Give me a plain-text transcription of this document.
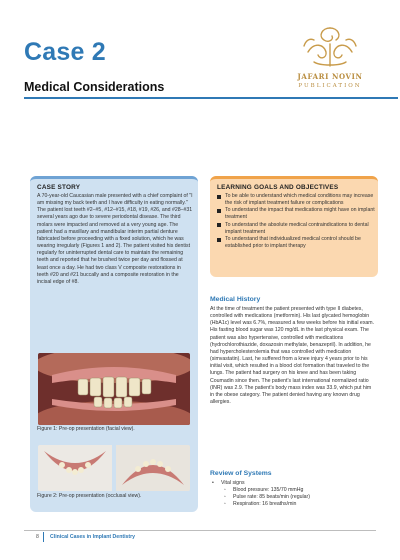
Case 2
Medical Considerations
JAFARI NOVIN
PUBLICATION
CASE STORY
A 70-year-old Caucasian male presented with a chief complaint of "I am missing my back teeth and I have difficulty in eating normally." The patient lost teeth #2–#5, #12–#15, #18, #19, #26, and #28–#31 several years ago due to severe periodontal disease. The third molars were impacted and removed at a very young age. The patient had a maxillary and mandibular interim partial denture fabricated before proceeding with a fixed solution, which he was wearing irregularly (Figures 1 and 2). The patient visited his dentist regularly for uninterrupted dental care to maintain the remaining teeth and reported that he brushed twice per day and flossed at least once a day. He had two class V composite restorations in teeth #20 and #21 buccally and a composite restoration in the incisal edge of #8.
Figure 1: Pre-op presentation (facial view).
Figure 2: Pre-op presentation (occlusal view).
LEARNING GOALS AND OBJECTIVES
To be able to understand which medical conditions may increase the risk of implant treatment failure or complications
To understand the impact that medications might have on implant treatment
To understand the absolute medical contraindications to dental implant treatment
To understand that individualized medical control should be established prior to implant therapy
Medical History
At the time of treatment the patient presented with type II diabetes, controlled with medications (metformin). His last glycated hemoglobin (HbA1c) level was 6.7%, measured a few weeks before his initial exam. His fasting blood sugar was 120 mg/dL in the last physical exam. The patient was also hypertensive, controlled with medications (hydrochlorothiazide, doxazosin methylate, benazepril). In addition, he had hypercholesterolemia that was controlled with medication (simvastatin). Last, he suffered from a knee injury 4 years prior to his initial visit, which resulted in a blood clot formation that traveled to the lungs. The patient had surgery on his knee and has been taking Coumadin since then. The patient's last international normalized ratio (INR) was 2.9. The patient's body mass index was 33.9, which put him in the obese category. The patient denied having any known drug allergies.
Review of Systems
• Vital signs
◦ Blood pressure: 135/70 mmHg
◦ Pulse rate: 85 beats/min (regular)
◦ Respiration: 16 breaths/min
8 Clinical Cases in Implant Dentistry
